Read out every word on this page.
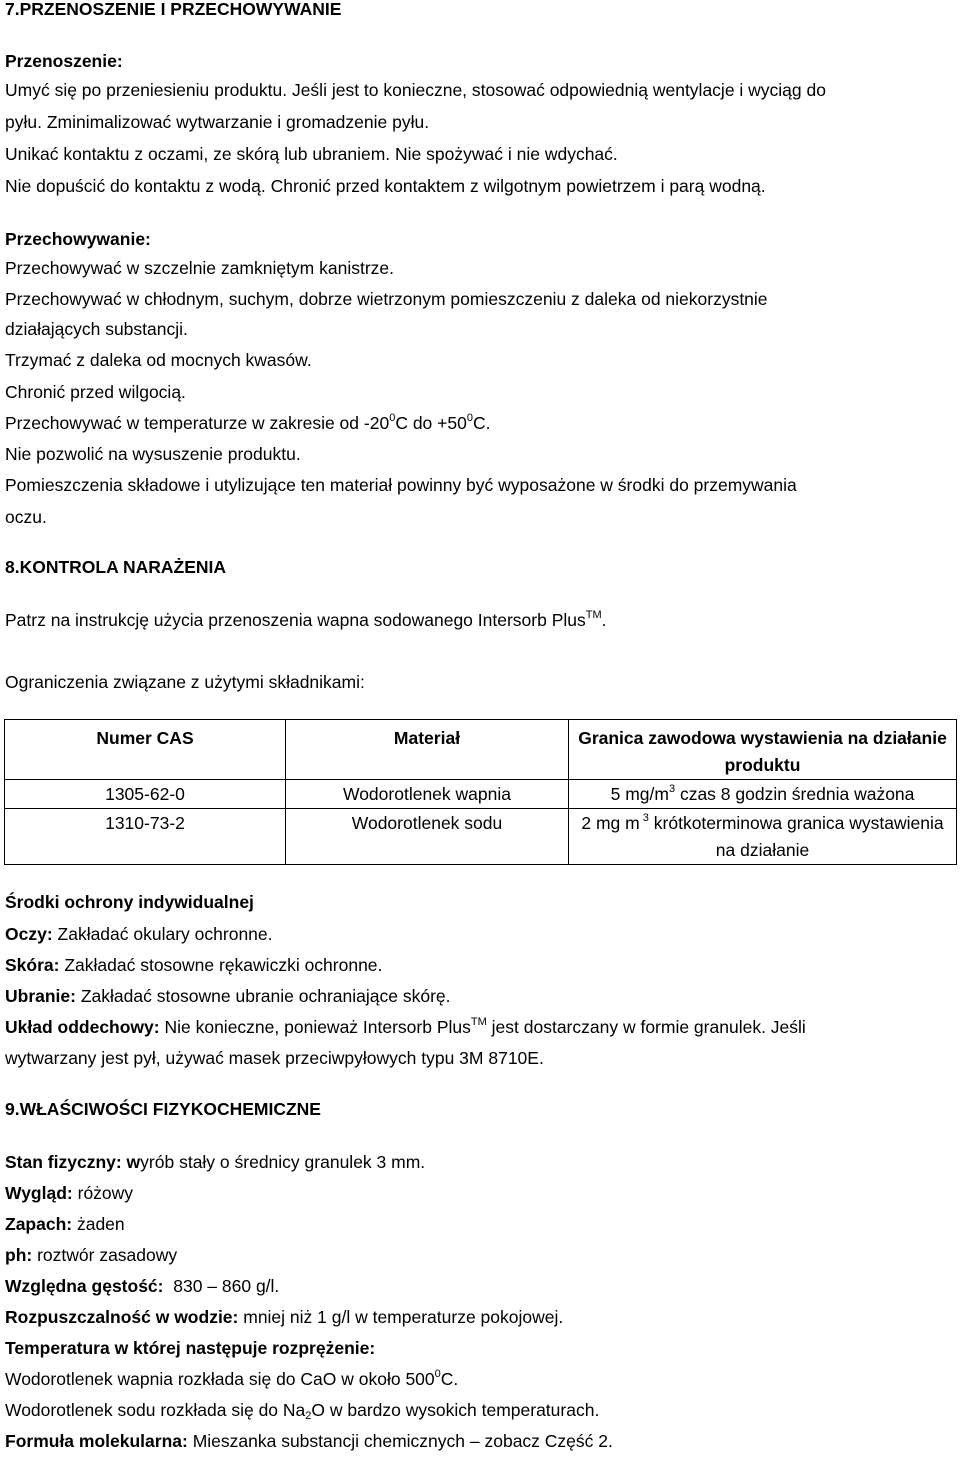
7.PRZENOSZENIE I PRZECHOWYWANIE
Przenoszenie:
Umyć się po przeniesieniu produktu. Jeśli jest to konieczne, stosować odpowiednią wentylacje i wyciąg do
pyłu. Zminimalizować wytwarzanie i gromadzenie pyłu.
Unikać kontaktu z oczami, ze skórą lub ubraniem. Nie spożywać i nie wdychać.
Nie dopuścić do kontaktu z wodą. Chronić przed kontaktem z wilgotnym powietrzem i parą wodną.
Przechowywanie:
Przechowywać w szczelnie zamkniętym kanistrze.
Przechowywać w chłodnym, suchym, dobrze wietrzonym pomieszczeniu z daleka od niekorzystnie
działających substancji.
Trzymać z daleka od mocnych kwasów.
Chronić przed wilgocią.
Przechowywać w temperaturze w zakresie od $-20^0C$ do $+50^0C$.
Nie pozwolić na wysuszenie produktu.
Pomieszczenia składowe i utylizujące ten materiał powinny być wyposażone w środki do przemywania
oczu.
8.KONTROLA NARAŻENIA
Patrz na instrukcję użycia przenoszenia wapna sodowanego Intersorb Plus™.
Ograniczenia związane z użytymi składnikami:
Numer CAS	Materiał	Granica zawodowa wystawienia na działanie produktu
1305-62-0	Wodorotlenek wapnia	5 $mg/m^3$ czas 8 godzin średnia ważona
1310-73-2	Wodorotlenek sodu	2 mg m $^3$ krótkoterminowa granica wystawienia na działanie
Środki ochrony indywidualnej
Oczy: Zakładać okulary ochronne.
Skóra: Zakładać stosowne rękawiczki ochronne.
Ubranie: Zakładać stosowne ubranie ochraniające skórę.
Układ oddechowy: Nie konieczne, ponieważ Intersorb Plus™ jest dostarczany w formie granulek. Jeśli
wytwarzany jest pył, używać masek przeciwpyłowych typu 3M 8710E.
9.WŁAŚCIWOŚCI FIZYKOCHEMICZNE
Stan fizyczny: wyrób stały o średnicy granulek 3 mm.
Wygląd: różowy
Zapach: żaden
ph: roztwór zasadowy
Względna gęstość:  830 – 860 g/l.
Rozpuszczalność w wodzie: mniej niż 1 g/l w temperaturze pokojowej.
Temperatura w której następuje rozprężenie:
Wodorotlenek wapnia rozkłada się do CaO w około $500^0C$.
Wodorotlenek sodu rozkłada się do $Na_2O$ w bardzo wysokich temperaturach.
Formuła molekularna: Mieszanka substancji chemicznych – zobacz Część 2.
